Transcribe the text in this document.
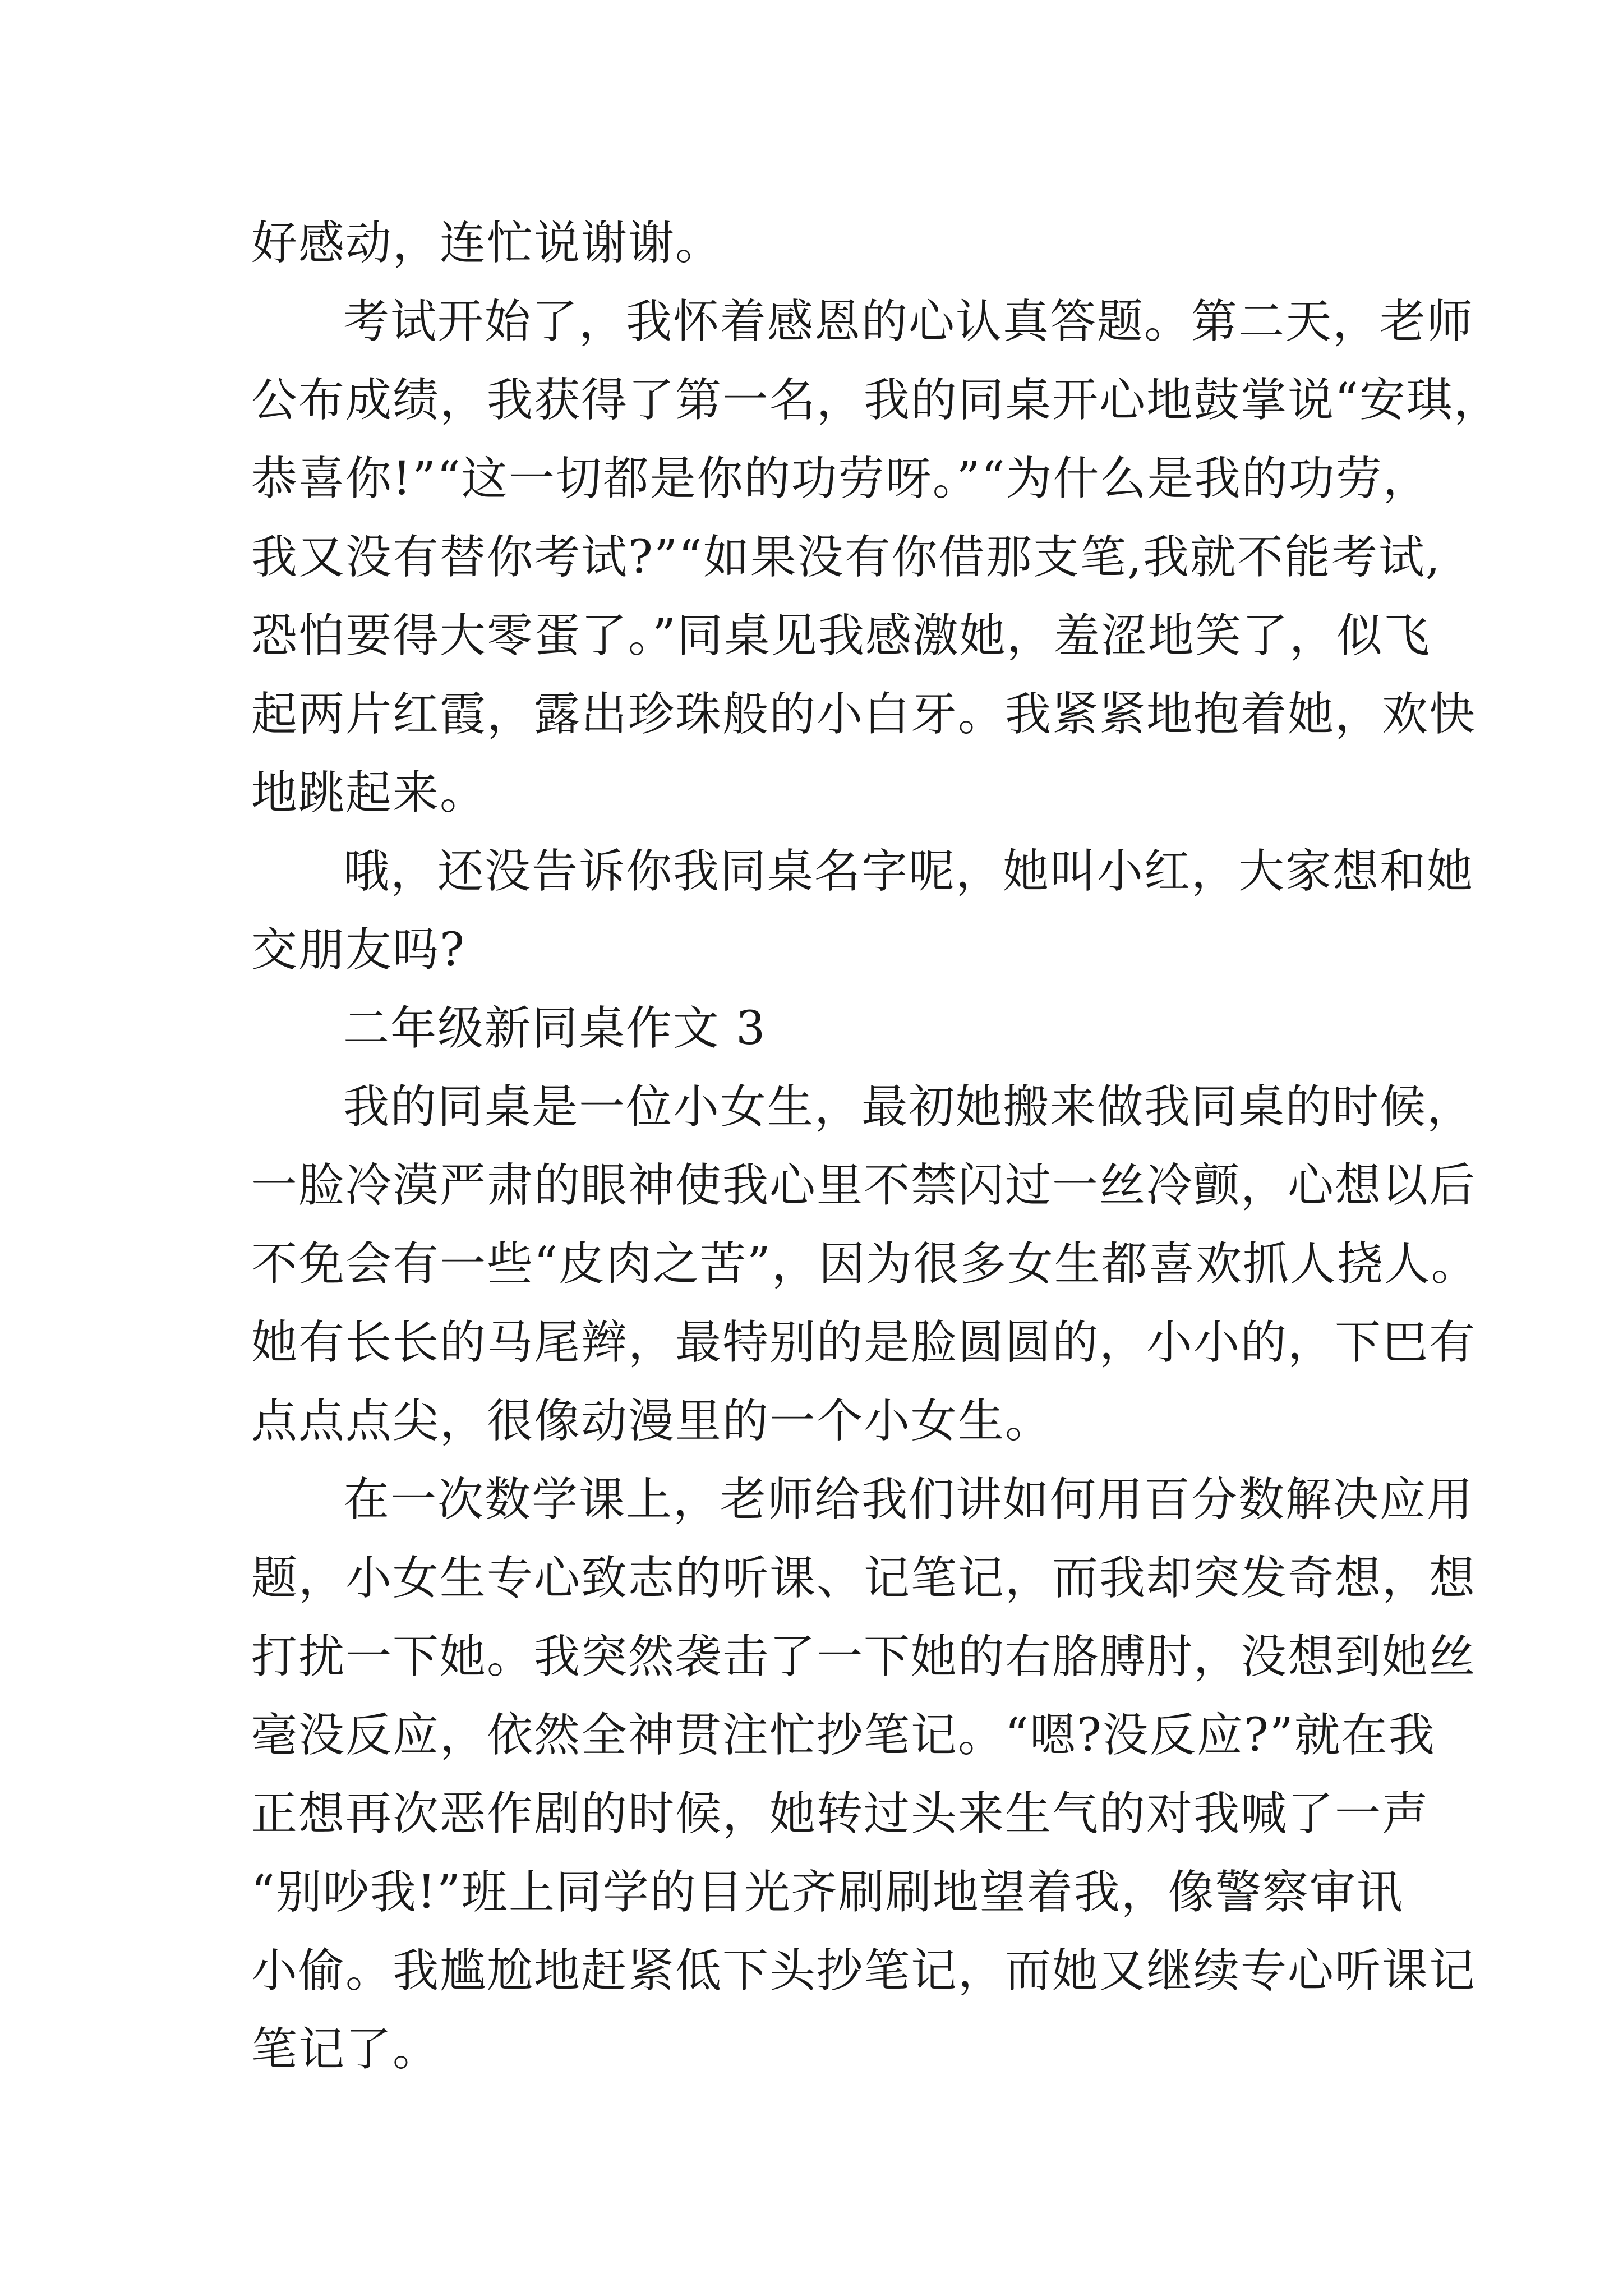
好感动，连忙说谢谢。
考试开始了，我怀着感恩的心认真答题。第二天，老师
公布成绩，我获得了第一名，我的同桌开心地鼓掌说“安琪，
恭喜你!”“这一切都是你的功劳呀。”“为什么是我的功劳，
我又没有替你考试?”“如果没有你借那支笔,我就不能考试,
恐怕要得大零蛋了。”同桌见我感激她，羞涩地笑了，似飞
起两片红霞，露出珍珠般的小白牙。我紧紧地抱着她，欢快
地跳起来。
哦，还没告诉你我同桌名字呢，她叫小红，大家想和她
交朋友吗?
二年级新同桌作文 3
我的同桌是一位小女生，最初她搬来做我同桌的时候，
一脸冷漠严肃的眼神使我心里不禁闪过一丝冷颤，心想以后
不免会有一些“皮肉之苦”，因为很多女生都喜欢抓人挠人。
她有长长的马尾辫，最特别的是脸圆圆的，小小的，下巴有
点点点尖，很像动漫里的一个小女生。
在一次数学课上，老师给我们讲如何用百分数解决应用
题，小女生专心致志的听课、记笔记，而我却突发奇想，想
打扰一下她。我突然袭击了一下她的右胳膊肘，没想到她丝
毫没反应，依然全神贯注忙抄笔记。“嗯?没反应?”就在我
正想再次恶作剧的时候，她转过头来生气的对我喊了一声
“别吵我!”班上同学的目光齐刷刷地望着我，像警察审讯
小偷。我尴尬地赶紧低下头抄笔记，而她又继续专心听课记
笔记了。
